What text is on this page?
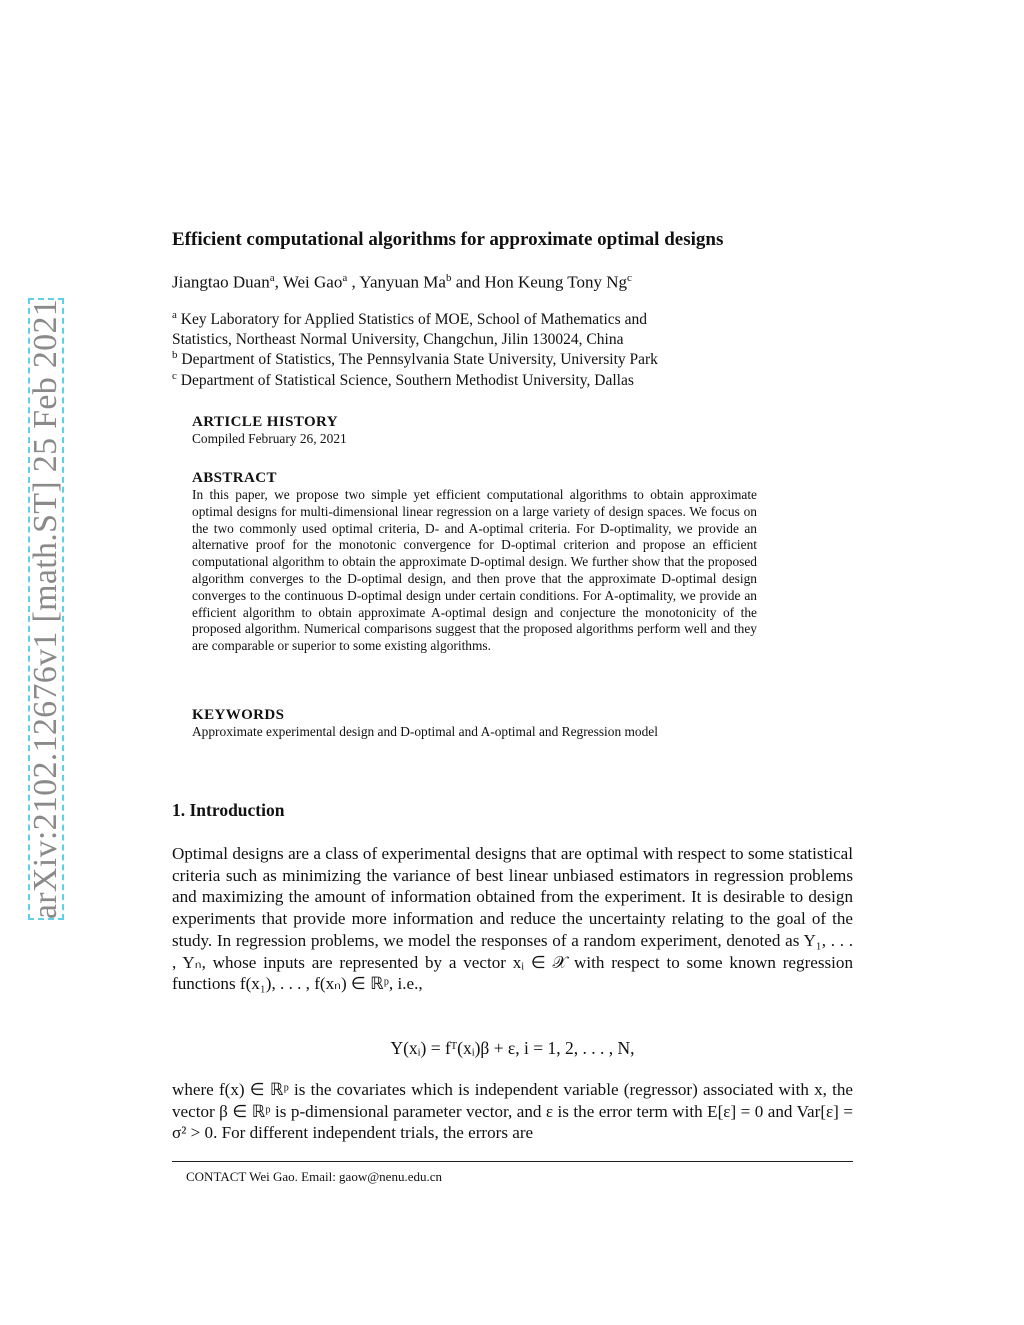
arXiv:2102.12676v1 [math.ST] 25 Feb 2021
Efficient computational algorithms for approximate optimal designs
Jiangtao Duan$^a$, Wei Gao$^a$ , Yanyuan Ma$^b$ and Hon Keung Tony Ng$^c$
$^a$ Key Laboratory for Applied Statistics of MOE, School of Mathematics and
Statistics, Northeast Normal University, Changchun, Jilin 130024, China
$^b$ Department of Statistics, The Pennsylvania State University, University Park
$^c$ Department of Statistical Science, Southern Methodist University, Dallas
ARTICLE HISTORY
Compiled February 26, 2021
ABSTRACT
In this paper, we propose two simple yet efficient computational algorithms to obtain approximate optimal designs for multi-dimensional linear regression on a large variety of design spaces. We focus on the two commonly used optimal criteria, D- and A-optimal criteria. For D-optimality, we provide an alternative proof for the monotonic convergence for D-optimal criterion and propose an efficient computational algorithm to obtain the approximate D-optimal design. We further show that the proposed algorithm converges to the D-optimal design, and then prove that the approximate D-optimal design converges to the continuous D-optimal design under certain conditions. For A-optimality, we provide an efficient algorithm to obtain approximate A-optimal design and conjecture the monotonicity of the proposed algorithm. Numerical comparisons suggest that the proposed algorithms perform well and they are comparable or superior to some existing algorithms.
KEYWORDS
Approximate experimental design and D-optimal and A-optimal and Regression model
1. Introduction
Optimal designs are a class of experimental designs that are optimal with respect to some statistical criteria such as minimizing the variance of best linear unbiased estimators in regression problems and maximizing the amount of information obtained from the experiment. It is desirable to design experiments that provide more information and reduce the uncertainty relating to the goal of the study. In regression problems, we model the responses of a random experiment, denoted as Y₁, . . . , Yₙ, whose inputs are represented by a vector xᵢ ∈ 𝒳 with respect to some known regression functions f(x₁), . . . , f(xₙ) ∈ ℝᵖ, i.e.,
Y(xᵢ) = fᵀ(xᵢ)β + ε, i = 1, 2, . . . , N,
where f(x) ∈ ℝᵖ is the covariates which is independent variable (regressor) associated with x, the vector β ∈ ℝᵖ is p-dimensional parameter vector, and ε is the error term with E[ε] = 0 and Var[ε] = σ² > 0. For different independent trials, the errors are
CONTACT Wei Gao. Email: gaow@nenu.edu.cn
